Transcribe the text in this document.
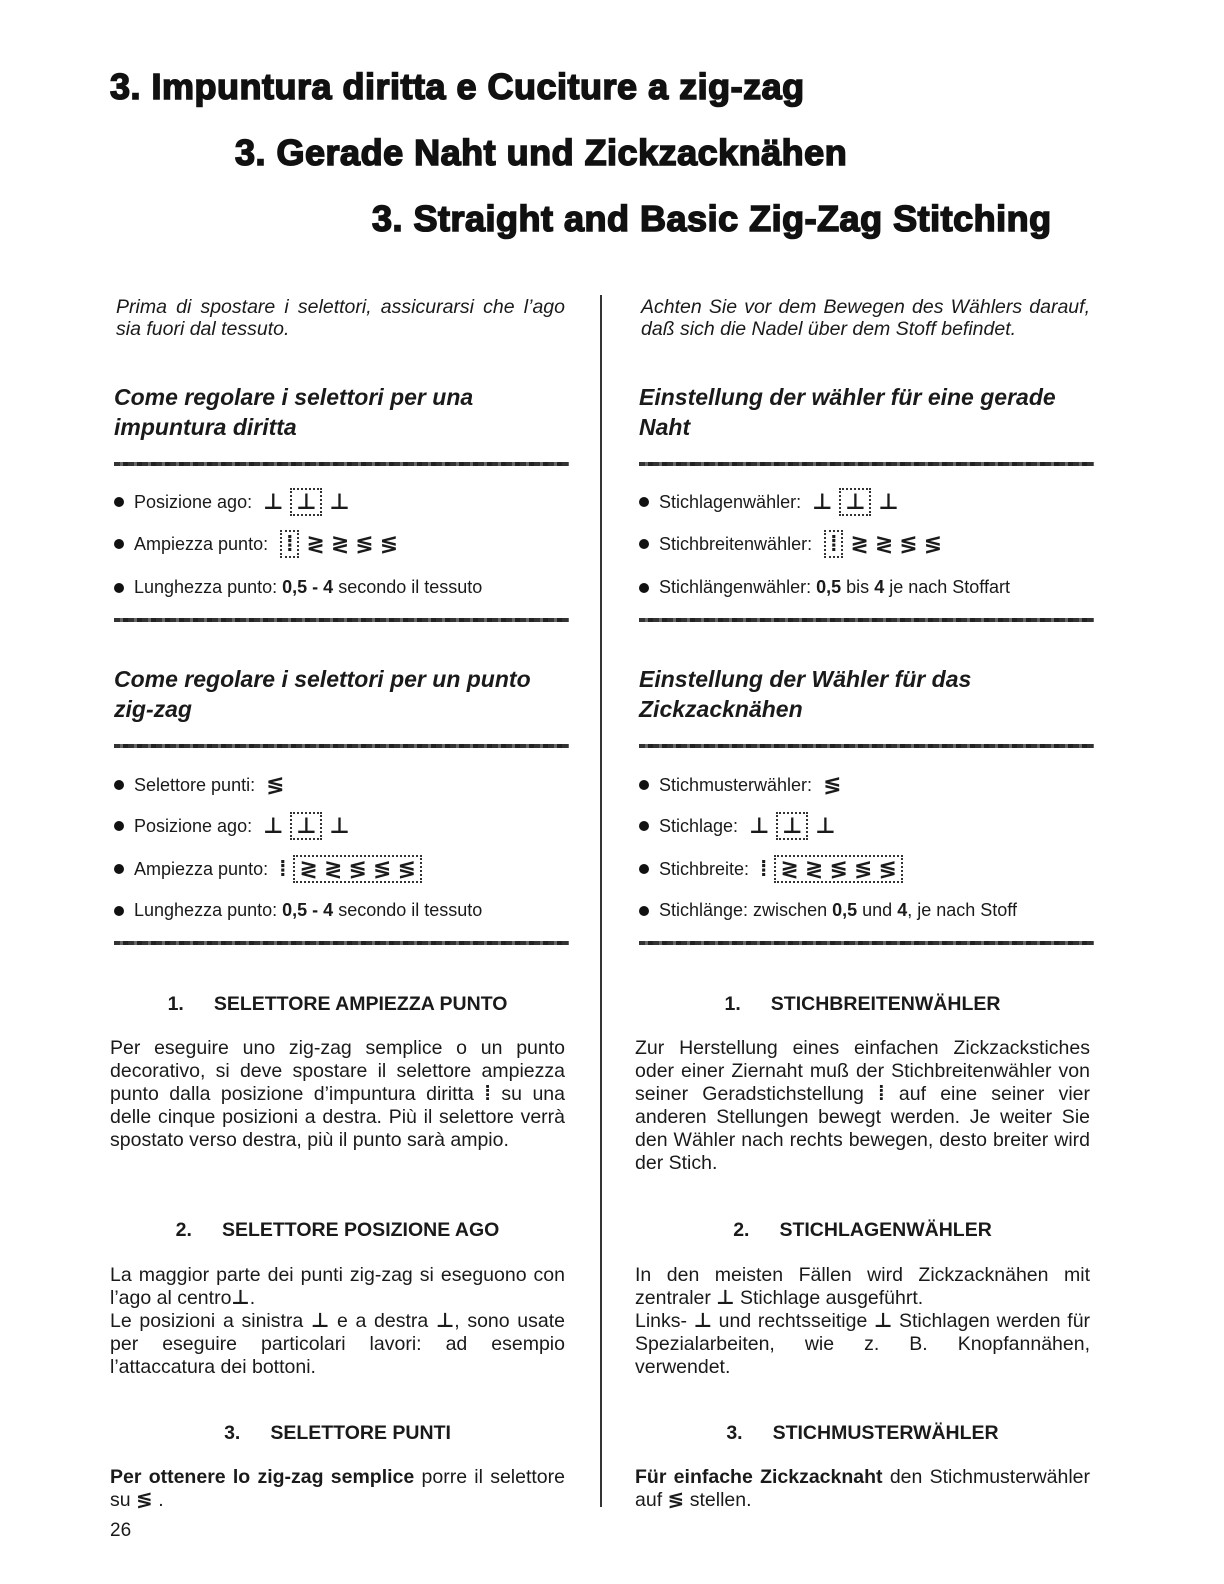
3. Impuntura diritta e Cuciture a zig-zag
3. Gerade Naht und Zickzacknähen
3. Straight and Basic Zig-Zag Stitching
Prima di spostare i selettori, assicurarsi che l’ago sia fuori dal tessuto.
Come regolare i selettori per una impuntura diritta
Posizione ago: ⊥ ⊥ ⊥
Ampiezza punto: ⁞ ≷ ≷ ≶ ≶
Lunghezza punto:
0,5 - 4
secondo il tessuto
Come regolare i selettori per un punto zig-zag
Selettore punti: ≶
Posizione ago: ⊥ ⊥ ⊥
Ampiezza punto: ⁞ ≷ ≷ ≶ ≶ ≶
Lunghezza punto:
0,5 - 4
secondo il tessuto
1. SELETTORE AMPIEZZA PUNTO
Per eseguire uno zig-zag semplice o un punto decorativo, si deve spostare il selettore ampiezza punto dalla posizione d’impuntura diritta ⁞ su una delle cinque posizioni a destra. Più il selettore verrà spostato verso destra, più il punto sarà ampio.
2. SELETTORE POSIZIONE AGO
La maggior parte dei punti zig-zag si eseguono con l’ago al centro⊥.
Le posizioni a sinistra ⊥ e a destra ⊥, sono usate per eseguire particolari lavori: ad esempio l’attaccatura dei bottoni.
3. SELETTORE PUNTI
Per ottenere lo zig-zag semplice porre il selettore su ≶ .
Achten Sie vor dem Bewegen des Wählers darauf, daß sich die Nadel über dem Stoff befindet.
Einstellung der wähler für eine gerade Naht
Stichlagenwähler: ⊥ ⊥ ⊥
Stichbreitenwähler: ⁞ ≷ ≷ ≶ ≶
Stichlängenwähler:
0,5
bis
4
je nach Stoffart
Einstellung der Wähler für das Zickzacknähen
Stichmusterwähler: ≶
Stichlage: ⊥ ⊥ ⊥
Stichbreite: ⁞ ≷ ≷ ≶ ≶ ≶
Stichlänge: zwischen
0,5
und
4 , je nach Stoff
1. STICHBREITENWÄHLER
Zur Herstellung eines einfachen Zickzackstiches oder einer Ziernaht muß der Stichbreitenwähler von seiner Geradstichstellung ⁞ auf eine seiner vier anderen Stellungen bewegt werden. Je weiter Sie den Wähler nach rechts bewegen, desto breiter wird der Stich.
2. STICHLAGENWÄHLER
In den meisten Fällen wird Zickzacknähen mit zentraler ⊥ Stichlage ausgeführt.
Links- ⊥ und rechtsseitige ⊥ Stichlagen werden für Spezialarbeiten, wie z. B. Knopfannähen, verwendet.
3. STICHMUSTERWÄHLER
Für einfache Zickzacknaht den Stichmusterwähler auf ≶ stellen.
26
